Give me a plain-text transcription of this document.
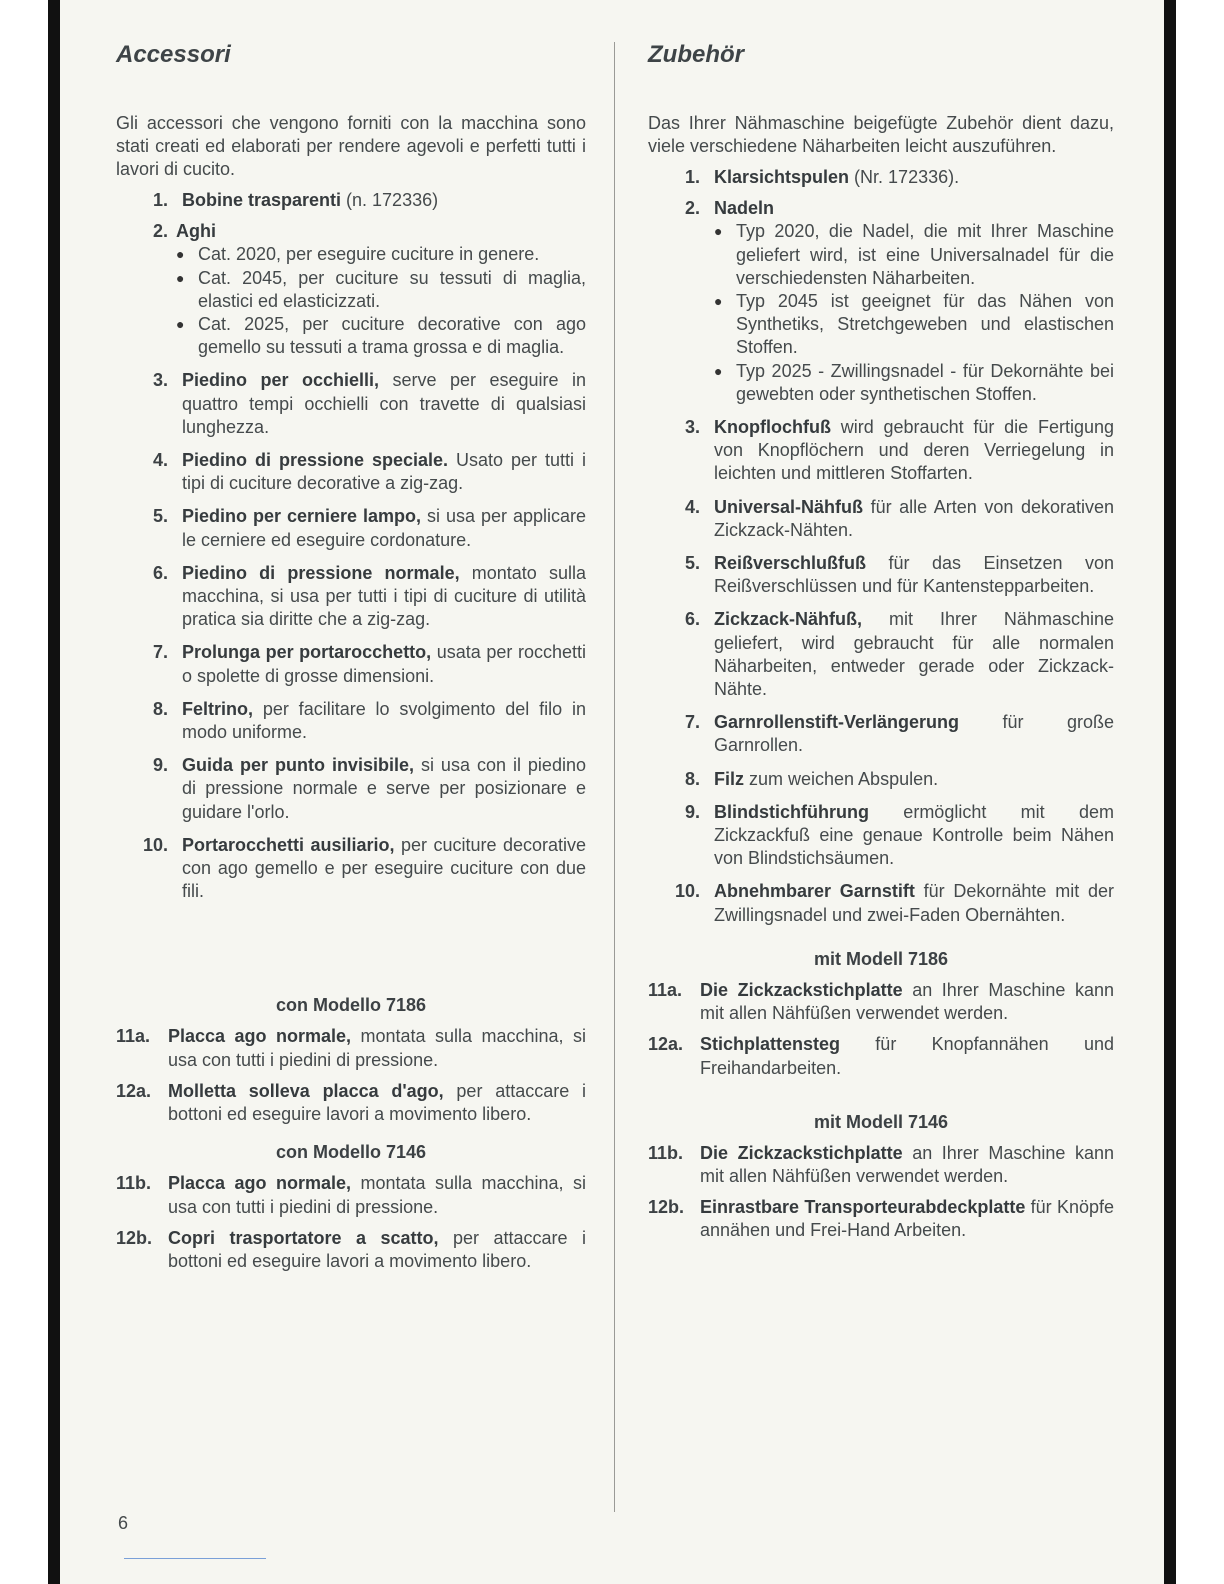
Accessori
Gli accessori che vengono forniti con la macchina sono stati creati ed elaborati per rendere agevoli e perfetti tutti i lavori di cucito.
1. Bobine trasparenti (n. 172336)
2. Aghi
● Cat. 2020, per eseguire cuciture in genere.
● Cat. 2045, per cuciture su tessuti di maglia, elastici ed elasticizzati.
● Cat. 2025, per cuciture decorative con ago gemello su tessuti a trama grossa e di maglia.
3. Piedino per occhielli, serve per eseguire in quattro tempi occhielli con travette di qualsiasi lunghezza.
4. Piedino di pressione speciale. Usato per tutti i tipi di cuciture decorative a zig-zag.
5. Piedino per cerniere lampo, si usa per applicare le cerniere ed eseguire cordonature.
6. Piedino di pressione normale, montato sulla macchina, si usa per tutti i tipi di cuciture di utilità pratica sia diritte che a zig-zag.
7. Prolunga per portarocchetto, usata per rocchetti o spolette di grosse dimensioni.
8. Feltrino, per facilitare lo svolgimento del filo in modo uniforme.
9. Guida per punto invisibile, si usa con il piedino di pressione normale e serve per posizionare e guidare l'orlo.
10. Portarocchetti ausiliario, per cuciture decorative con ago gemello e per eseguire cuciture con due fili.
con Modello 7186
11a. Placca ago normale, montata sulla macchina, si usa con tutti i piedini di pressione.
12a. Molletta solleva placca d'ago, per attaccare i bottoni ed eseguire lavori a movimento libero.
con Modello 7146
11b. Placca ago normale, montata sulla macchina, si usa con tutti i piedini di pressione.
12b. Copri trasportatore a scatto, per attaccare i bottoni ed eseguire lavori a movimento libero.
Zubehör
Das Ihrer Nähmaschine beigefügte Zubehör dient dazu, viele verschiedene Näharbeiten leicht auszuführen.
1. Klarsichtspulen (Nr. 172336).
2. Nadeln
● Typ 2020, die Nadel, die mit Ihrer Maschine geliefert wird, ist eine Universalnadel für die verschiedensten Näharbeiten.
● Typ 2045 ist geeignet für das Nähen von Synthetiks, Stretchgeweben und elastischen Stoffen.
● Typ 2025 - Zwillingsnadel - für Dekornähte bei gewebten oder synthetischen Stoffen.
3. Knopflochfuß wird gebraucht für die Fertigung von Knopflöchern und deren Verriegelung in leichten und mittleren Stoffarten.
4. Universal-Nähfuß für alle Arten von dekorativen Zickzack-Nähten.
5. Reißverschlußfuß für das Einsetzen von Reißverschlüssen und für Kantenstepparbeiten.
6. Zickzack-Nähfuß, mit Ihrer Nähmaschine geliefert, wird gebraucht für alle normalen Näharbeiten, entweder gerade oder Zickzack-Nähte.
7. Garnrollenstift-Verlängerung für große Garnrollen.
8. Filz zum weichen Abspulen.
9. Blindstichführung ermöglicht mit dem Zickzackfuß eine genaue Kontrolle beim Nähen von Blindstichsäumen.
10. Abnehmbarer Garnstift für Dekornähte mit der Zwillingsnadel und zwei-Faden Obernähten.
mit Modell 7186
11a. Die Zickzackstichplatte an Ihrer Maschine kann mit allen Nähfüßen verwendet werden.
12a. Stichplattensteg für Knopfannähen und Freihandarbeiten.
mit Modell 7146
11b. Die Zickzackstichplatte an Ihrer Maschine kann mit allen Nähfüßen verwendet werden.
12b. Einrastbare Transporteurabdeckplatte für Knöpfe annähen und Frei-Hand Arbeiten.
6
